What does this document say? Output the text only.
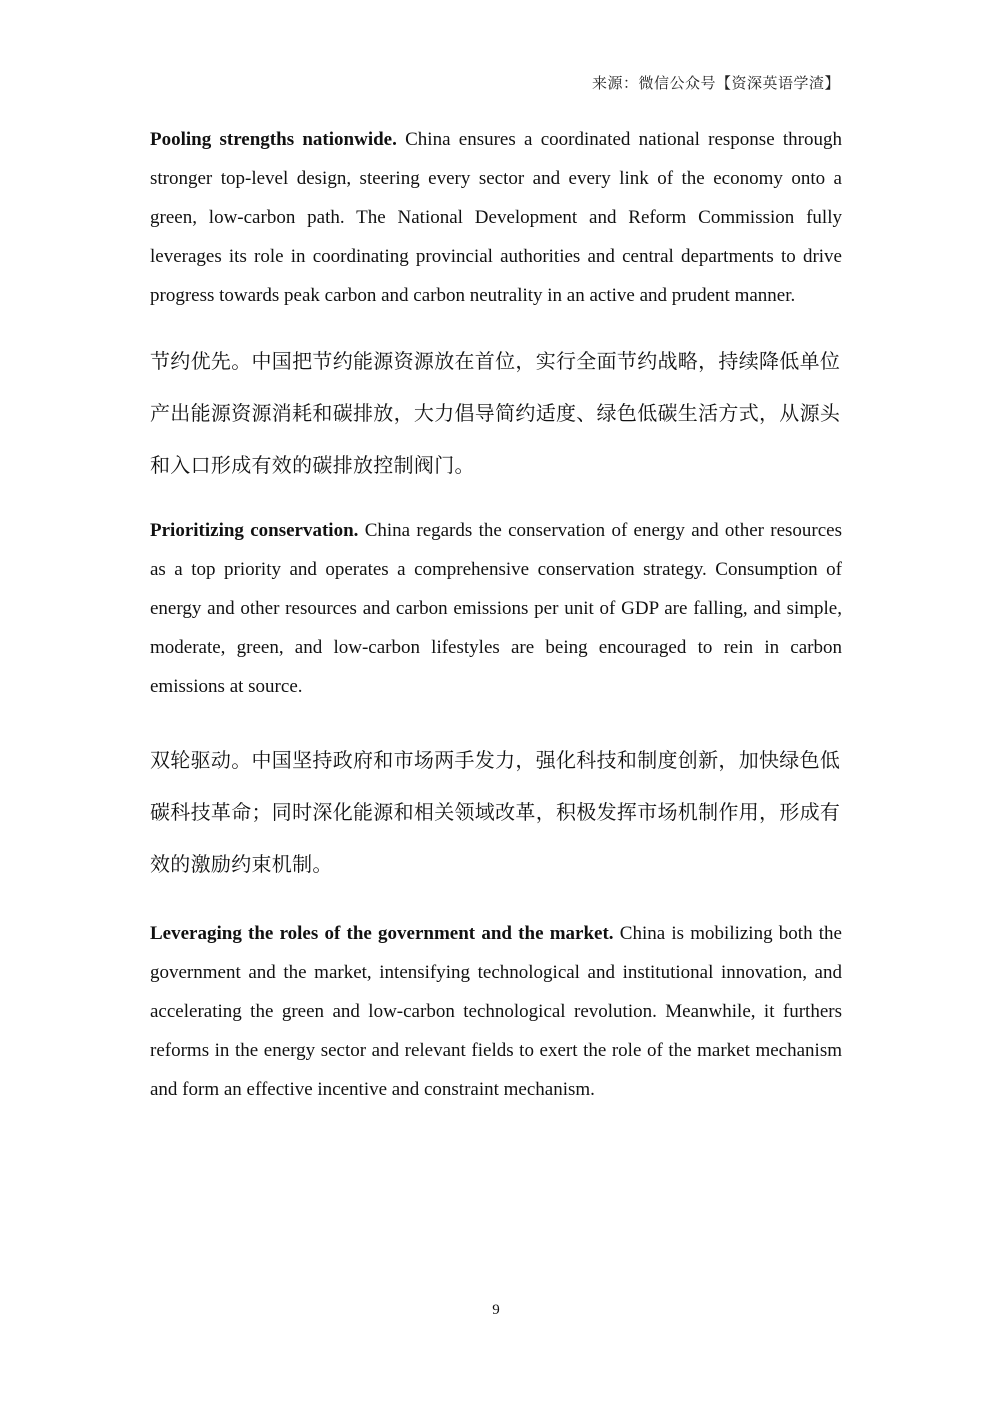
来源：微信公众号【资深英语学渣】

Pooling strengths nationwide. China ensures a coordinated national response through stronger top-level design, steering every sector and every link of the economy onto a green, low-carbon path. The National Development and Reform Commission fully leverages its role in coordinating provincial authorities and central departments to drive progress towards peak carbon and carbon neutrality in an active and prudent manner.

节约优先。中国把节约能源资源放在首位，实行全面节约战略，持续降低单位产出能源资源消耗和碳排放，大力倡导简约适度、绿色低碳生活方式，从源头和入口形成有效的碳排放控制阀门。

Prioritizing conservation. China regards the conservation of energy and other resources as a top priority and operates a comprehensive conservation strategy. Consumption of energy and other resources and carbon emissions per unit of GDP are falling, and simple, moderate, green, and low-carbon lifestyles are being encouraged to rein in carbon emissions at source.

双轮驱动。中国坚持政府和市场两手发力，强化科技和制度创新，加快绿色低碳科技革命；同时深化能源和相关领域改革，积极发挥市场机制作用，形成有效的激励约束机制。

Leveraging the roles of the government and the market. China is mobilizing both the government and the market, intensifying technological and institutional innovation, and accelerating the green and low-carbon technological revolution. Meanwhile, it furthers reforms in the energy sector and relevant fields to exert the role of the market mechanism and form an effective incentive and constraint mechanism.

9
